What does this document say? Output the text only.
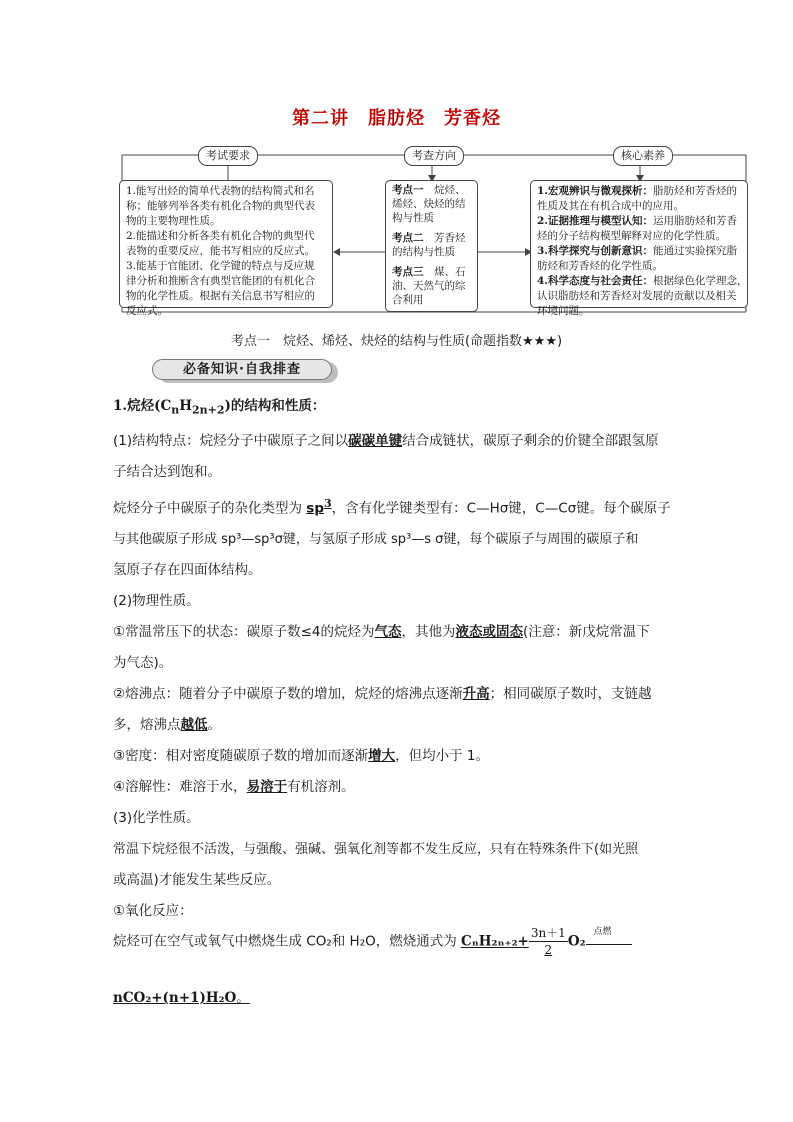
第二讲　脂肪烃　芳香烃
考试要求	考查方向	核心素养
1.能写出烃的简单代表物的结构简式和名
称；能够列举各类有机化合物的典型代表
物的主要物理性质。
2.能描述和分析各类有机化合物的典型代
表物的重要反应，能书写相应的反应式。
3.能基于官能团、化学键的特点与反应规
律分析和推断含有典型官能团的有机化合
物的化学性质。根据有关信息书写相应的
反应式。
考点一　烷烃、
烯烃、炔烃的结
构与性质
考点二　芳香烃
的结构与性质
考点三　煤、石
油、天然气的综
合利用
1.宏观辨识与微观探析：脂肪烃和芳香烃的
性质及其在有机合成中的应用。
2.证据推理与模型认知：运用脂肪烃和芳香
烃的分子结构模型解释对应的化学性质。
3.科学探究与创新意识：能通过实验探究脂
肪烃和芳香烃的化学性质。
4.科学态度与社会责任：根据绿色化学理念，
认识脂肪烃和芳香烃对发展的贡献以及相关
环境问题。
考点一　烷烃、烯烃、炔烃的结构与性质(命题指数★★★)
必备知识·自我排查

1.烷烃$(C_nH_{2n+2})$的结构和性质：

(1)结构特点：烷烃分子中碳原子之间以碳碳单键结合成链状，碳原子剩余的价键全部跟氢原

子结合达到饱和。

烷烃分子中碳原子的杂化类型为 $sp^3$，含有化学键类型有：C—Hσ键，C—Cσ键。每个碳原子

与其他碳原子形成 sp³—sp³σ键，与氢原子形成 sp³—s σ键，每个碳原子与周围的碳原子和

氢原子存在四面体结构。

(2)物理性质。

①常温常压下的状态：碳原子数≤4的烷烃为气态，其他为液态或固态(注意：新戊烷常温下

为气态)。

②熔沸点：随着分子中碳原子数的增加，烷烃的熔沸点逐渐升高；相同碳原子数时，支链越

多，熔沸点越低。

③密度：相对密度随碳原子数的增加而逐渐增大，但均小于 1。

④溶解性：难溶于水，易溶于有机溶剂。

(3)化学性质。

常温下烷烃很不活泼，与强酸、强碱、强氧化剂等都不发生反应，只有在特殊条件下(如光照

或高温)才能发生某些反应。

①氧化反应：

烷烃可在空气或氧气中燃烧生成 CO₂和 H₂O，燃烧通式为 $C_nH_{2n+2}+ \frac{3n+1}{2} O_2$
点燃
nCO₂+(n+1)H₂O。
